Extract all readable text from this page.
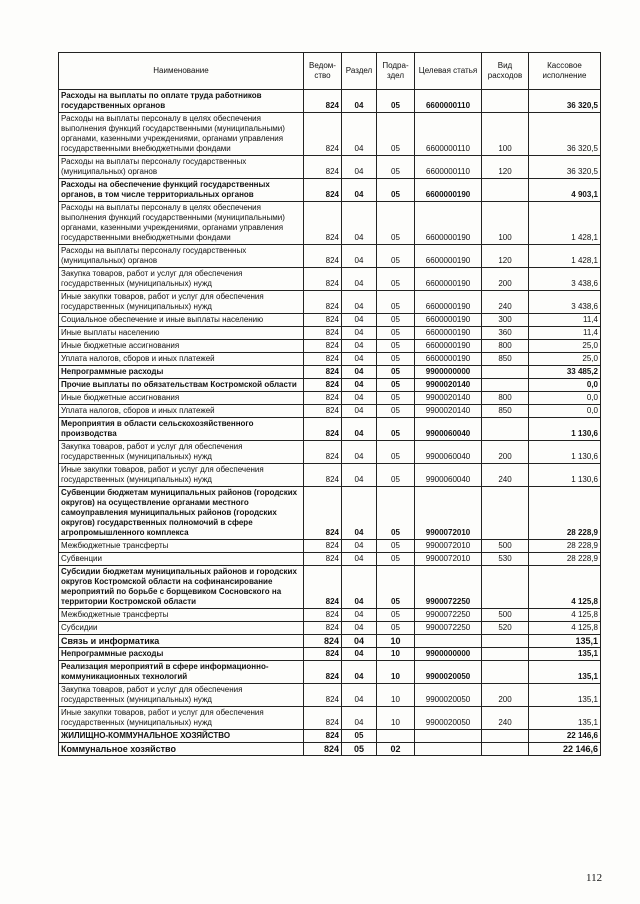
Наименование	Ведом-ство	Раздел	Подра-здел	Целевая статья	Вид расходов	Кассовое исполнение
Расходы на выплаты по оплате труда работников государственных органов	824	04	05	6600000110		36 320,5
Расходы на выплаты персоналу в целях обеспечения выполнения функций государственными (муниципальными) органами, казенными учреждениями, органами управления государственными внебюджетными фондами	824	04	05	6600000110	100	36 320,5
Расходы на выплаты персоналу государственных (муниципальных) органов	824	04	05	6600000110	120	36 320,5
Расходы на обеспечение функций государственных органов, в том числе территориальных органов	824	04	05	6600000190		4 903,1
Расходы на выплаты персоналу в целях обеспечения выполнения функций государственными (муниципальными) органами, казенными учреждениями, органами управления государственными внебюджетными фондами	824	04	05	6600000190	100	1 428,1
Расходы на выплаты персоналу государственных (муниципальных) органов	824	04	05	6600000190	120	1 428,1
Закупка товаров, работ и услуг для обеспечения государственных (муниципальных) нужд	824	04	05	6600000190	200	3 438,6
Иные закупки товаров, работ и услуг для обеспечения государственных (муниципальных) нужд	824	04	05	6600000190	240	3 438,6
Социальное обеспечение и иные выплаты населению	824	04	05	6600000190	300	11,4
Иные выплаты населению	824	04	05	6600000190	360	11,4
Иные бюджетные ассигнования	824	04	05	6600000190	800	25,0
Уплата налогов, сборов и иных платежей	824	04	05	6600000190	850	25,0
Непрограммные расходы	824	04	05	9900000000		33 485,2
Прочие выплаты по обязательствам Костромской области	824	04	05	9900020140		0,0
Иные бюджетные ассигнования	824	04	05	9900020140	800	0,0
Уплата налогов, сборов и иных платежей	824	04	05	9900020140	850	0,0
Мероприятия в области сельскохозяйственного производства	824	04	05	9900060040		1 130,6
Закупка товаров, работ и услуг для обеспечения государственных (муниципальных) нужд	824	04	05	9900060040	200	1 130,6
Иные закупки товаров, работ и услуг для обеспечения государственных (муниципальных) нужд	824	04	05	9900060040	240	1 130,6
Субвенции бюджетам муниципальных районов (городских округов) на осуществление органами местного самоуправления муниципальных районов (городских округов) государственных полномочий в сфере агропромышленного комплекса	824	04	05	9900072010		28 228,9
Межбюджетные трансферты	824	04	05	9900072010	500	28 228,9
Субвенции	824	04	05	9900072010	530	28 228,9
Субсидии бюджетам муниципальных районов и городских округов Костромской области на софинансирование мероприятий по борьбе с борщевиком Сосновского на территории Костромской области	824	04	05	9900072250		4 125,8
Межбюджетные трансферты	824	04	05	9900072250	500	4 125,8
Субсидии	824	04	05	9900072250	520	4 125,8
Связь и информатика	824	04	10			135,1
Непрограммные расходы	824	04	10	9900000000		135,1
Реализация мероприятий в сфере информационно-коммуникационных технологий	824	04	10	9900020050		135,1
Закупка товаров, работ и услуг для обеспечения государственных (муниципальных) нужд	824	04	10	9900020050	200	135,1
Иные закупки товаров, работ и услуг для обеспечения государственных (муниципальных) нужд	824	04	10	9900020050	240	135,1
ЖИЛИЩНО-КОММУНАЛЬНОЕ ХОЗЯЙСТВО	824	05				22 146,6
Коммунальное хозяйство	824	05	02			22 146,6
112
